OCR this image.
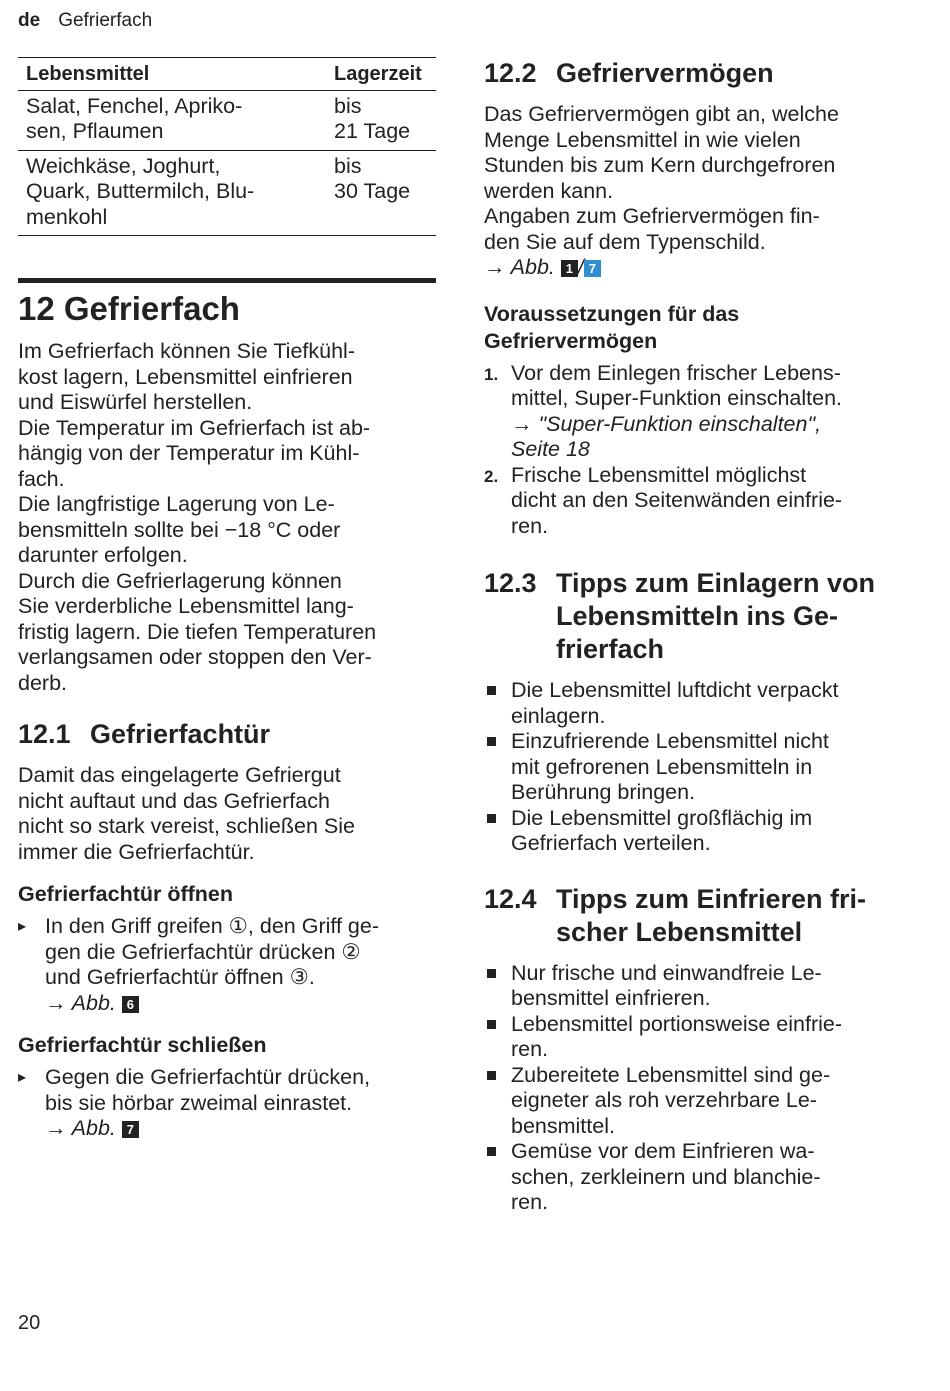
de Gefrierfach
Lebensmittel	Lagerzeit
Salat, Fenchel, Apriko-
sen, Pflaumen	bis
21 Tage
Weichkäse, Joghurt,
Quark, Buttermilch, Blu-
menkohl	bis
30 Tage
12 Gefrierfach

Im Gefrierfach können Sie Tiefkühl-
kost lagern, Lebensmittel einfrieren
und Eiswürfel herstellen.

Die Temperatur im Gefrierfach ist ab-
hängig von der Temperatur im Kühl-
fach.

Die langfristige Lagerung von Le-
bensmitteln sollte bei −18 °C oder
darunter erfolgen.

Durch die Gefrierlagerung können
Sie verderbliche Lebensmittel lang-
fristig lagern. Die tiefen Temperaturen
verlangsamen oder stoppen den Ver-
derb.

12.1 Gefrierfachtür

Damit das eingelagerte Gefriergut
nicht auftaut und das Gefrierfach
nicht so stark vereist, schließen Sie
immer die Gefrierfachtür.

Gefrierfachtür öffnen
▸ In den Griff greifen ①, den Griff ge-
gen die Gefrierfachtür drücken ②
und Gefrierfachtür öffnen ③.
→ Abb. 6
Gefrierfachtür schließen
▸ Gegen die Gefrierfachtür drücken,
bis sie hörbar zweimal einrastet.
→ Abb. 7
12.2 Gefriervermögen

Das Gefriervermögen gibt an, welche
Menge Lebensmittel in wie vielen
Stunden bis zum Kern durchgefroren
werden kann.

Angaben zum Gefriervermögen fin-
den Sie auf dem Typenschild.

→ Abb. 1 / 7

Voraussetzungen für das
Gefriervermögen
1. Vor dem Einlegen frischer Lebens-
mittel, Super-Funktion einschalten.
→ "Super-Funktion einschalten",
Seite 18
2. Frische Lebensmittel möglichst
dicht an den Seitenwänden einfrie-
ren.
12.3 Tipps zum Einlagern von
Lebensmitteln ins Ge-
frierfach
Die Lebensmittel luftdicht verpackt
einlagern.
Einzufrierende Lebensmittel nicht
mit gefrorenen Lebensmitteln in
Berührung bringen.
Die Lebensmittel großflächig im
Gefrierfach verteilen.
12.4 Tipps zum Einfrieren fri-
scher Lebensmittel
Nur frische und einwandfreie Le-
bensmittel einfrieren.
Lebensmittel portionsweise einfrie-
ren.
Zubereitete Lebensmittel sind ge-
eigneter als roh verzehrbare Le-
bensmittel.
Gemüse vor dem Einfrieren wa-
schen, zerkleinern und blanchie-
ren.
20
